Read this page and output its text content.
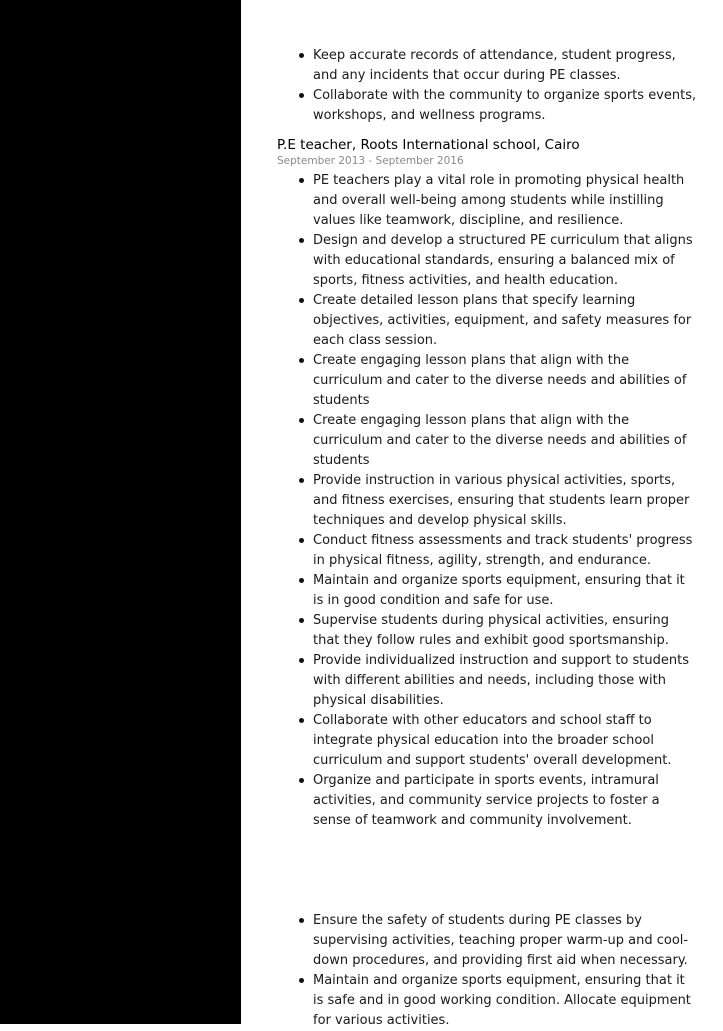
Keep accurate records of attendance, student progress, and any incidents that occur during PE classes.
Collaborate with the community to organize sports events, workshops, and wellness programs.
P.E teacher, Roots International school, Cairo
September 2013 - September 2016
PE teachers play a vital role in promoting physical health and overall well-being among students while instilling values like teamwork, discipline, and resilience.
Design and develop a structured PE curriculum that aligns with educational standards, ensuring a balanced mix of sports, fitness activities, and health education.
Create detailed lesson plans that specify learning objectives, activities, equipment, and safety measures for each class session.
Create engaging lesson plans that align with the curriculum and cater to the diverse needs and abilities of students
Create engaging lesson plans that align with the curriculum and cater to the diverse needs and abilities of students
Provide instruction in various physical activities, sports, and fitness exercises, ensuring that students learn proper techniques and develop physical skills.
Conduct fitness assessments and track students' progress in physical fitness, agility, strength, and endurance.
Maintain and organize sports equipment, ensuring that it is in good condition and safe for use.
Supervise students during physical activities, ensuring that they follow rules and exhibit good sportsmanship.
Provide individualized instruction and support to students with different abilities and needs, including those with physical disabilities.
Collaborate with other educators and school staff to integrate physical education into the broader school curriculum and support students' overall development.
Organize and participate in sports events, intramural activities, and community service projects to foster a sense of teamwork and community involvement.
Ensure the safety of students during PE classes by supervising activities, teaching proper warm-up and cool-down procedures, and providing first aid when necessary.
Maintain and organize sports equipment, ensuring that it is safe and in good working condition. Allocate equipment for various activities.
